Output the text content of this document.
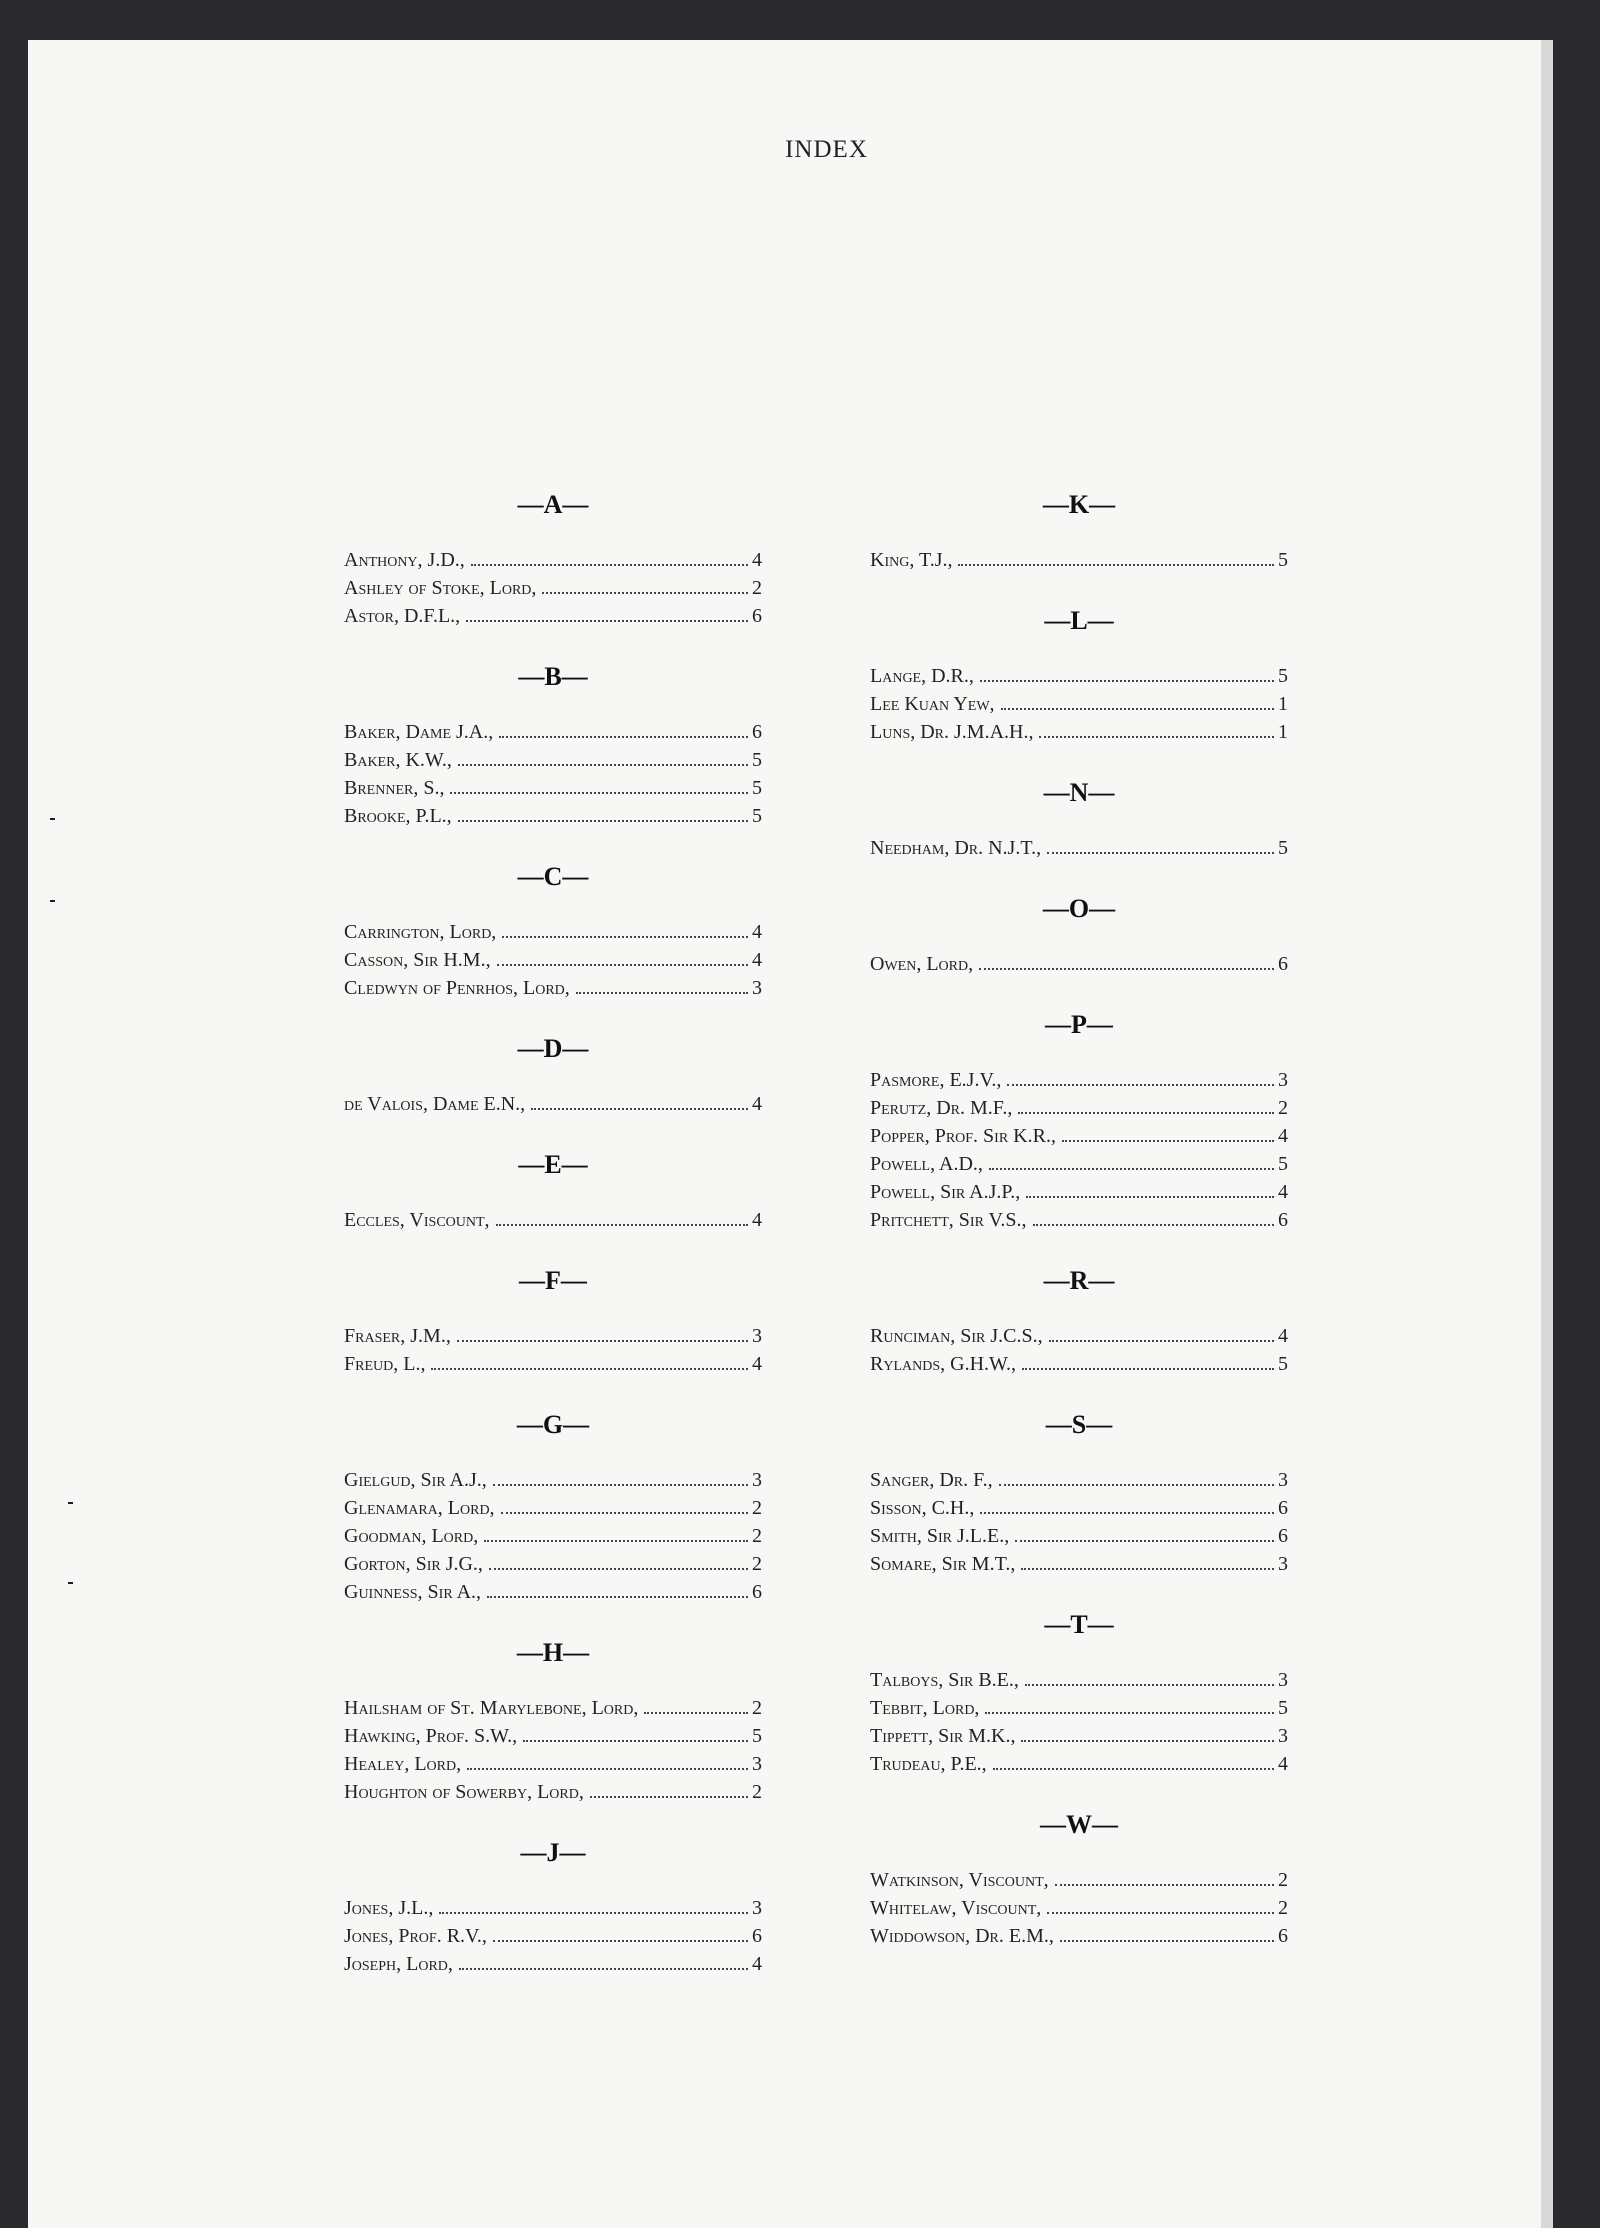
INDEX
—A—
Anthony, J.D.,	4
Ashley of Stoke, Lord,	2
Astor, D.F.L.,	6
—B—
Baker, Dame J.A.,	6
Baker, K.W.,	5
Brenner, S.,	5
Brooke, P.L.,	5
—C—
Carrington, Lord,	4
Casson, Sir H.M.,	4
Cledwyn of Penrhos, Lord,	3
—D—
de Valois, Dame E.N.,	4
—E—
Eccles, Viscount,	4
—F—
Fraser, J.M.,	3
Freud, L.,	4
—G—
Gielgud, Sir A.J.,	3
Glenamara, Lord,	2
Goodman, Lord,	2
Gorton, Sir J.G.,	2
Guinness, Sir A.,	6
—H—
Hailsham of St. Marylebone, Lord,	2
Hawking, Prof. S.W.,	5
Healey, Lord,	3
Houghton of Sowerby, Lord,	2
—J—
Jones, J.L.,	3
Jones, Prof. R.V.,	6
Joseph, Lord,	4
—K—
King, T.J.,	5
—L—
Lange, D.R.,	5
Lee Kuan Yew,	1
Luns, Dr. J.M.A.H.,	1
—N—
Needham, Dr. N.J.T.,	5
—O—
Owen, Lord,	6
—P—
Pasmore, E.J.V.,	3
Perutz, Dr. M.F.,	2
Popper, Prof. Sir K.R.,	4
Powell, A.D.,	5
Powell, Sir A.J.P.,	4
Pritchett, Sir V.S.,	6
—R—
Runciman, Sir J.C.S.,	4
Rylands, G.H.W.,	5
—S—
Sanger, Dr. F.,	3
Sisson, C.H.,	6
Smith, Sir J.L.E.,	6
Somare, Sir M.T.,	3
—T—
Talboys, Sir B.E.,	3
Tebbit, Lord,	5
Tippett, Sir M.K.,	3
Trudeau, P.E.,	4
—W—
Watkinson, Viscount,	2
Whitelaw, Viscount,	2
Widdowson, Dr. E.M.,	6
